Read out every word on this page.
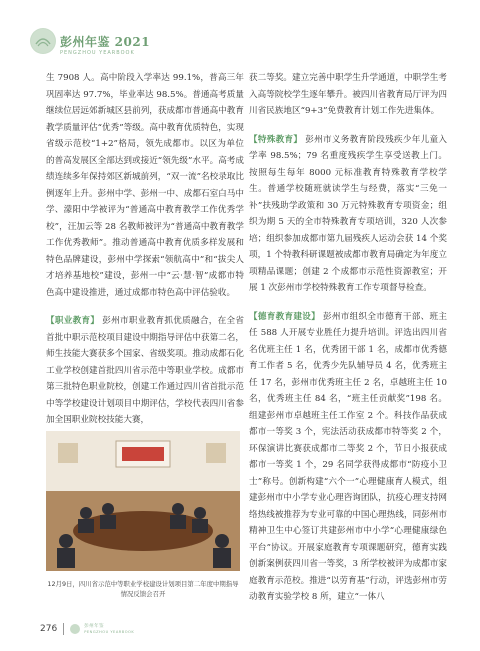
彭州年鉴 2021
PENGZHOU YEARBOOK

生 7908 人。高中阶段入学率达 99.1%，普高三年巩固率达 97.7%，毕业率达 98.5%。普通高考质量继续位居远郊新城区县前列，获成都市普通高中教育教学质量评估“优秀”等级。高中教育优质特色，实现省级示范校“1+2”格局，领先成都市。以区为单位的普高发展区全部达到或接近“领先级”水平。高考成绩连续多年保持郊区新城前列，“双一流”名校录取比例逐年上升。彭州中学、彭州一中、成都石室白马中学、濛阳中学被评为“普通高中教育教学工作优秀学校”，汪加云等 28 名教师被评为“普通高中教育教学工作优秀教师”。推动普通高中教育优质多样发展和特色品牌建设，彭州中学探索“领航高中”和“拔尖人才培养基地校”建设，彭州一中“云·慧·智”成都市特色高中建设推进，通过成都市特色高中评估验收。

【职业教育】 彭州市职业教育抓优质融合，在全省首批中职示范校项目建设中期指导评估中获第二名，师生技能大赛获多个国家、省级奖项。推动成都石化工业学校创建首批四川省示范中等职业学校。成都市第三批特色职业院校，创建工作通过四川省首批示范中等学校建设计划项目中期评估，学校代表四川省参加全国职业院校技能大赛，

12月9日，四川省示范中等职业学校建设计划项目第二年度中期指导情况反馈会召开

获二等奖。建立完善中职学生升学通道，中职学生考入高等院校学生逐年攀升。被四川省教育局厅评为四川省民族地区“9+3”免费教育计划工作先进集体。

【特殊教育】 彭州市义务教育阶段残疾少年儿童入学率 98.5%；79 名重度残疾学生享受送教上门。按照每生每年 8000 元标准教育特殊教育学校学生。普通学校随班就读学生与经费，落实“三免一补”扶残助学政策和 30 万元特殊教育专项资金；组织为期 5 天的全市特殊教育专项培训，320 人次参培；组织参加成都市第九届残疾人运动会获 14 个奖项，1 个特教科研课题被成都市教育局确定为年度立项精品课题；创建 2 个成都市示范性资源教室；开展 1 次彭州市学校特殊教育工作专项督导检查。

【德育教育建设】 彭州市组织全市德育干部、班主任 588 人开展专业胜任力提升培训。评选出四川省名优班主任 1 名，优秀团干部 1 名，成都市优秀德育工作者 5 名，优秀少先队辅导员 4 名，优秀班主任 17 名，彭州市优秀班主任 2 名，卓越班主任 10 名，优秀班主任 84 名，“班主任贡献奖”198 名。组建彭州市卓越班主任工作室 2 个。科技作品获成都市一等奖 3 个，宪法活动获成都市特等奖 2 个，环保演讲比赛获成都市二等奖 2 个，节日小报获成都市一等奖 1 个，29 名同学获得成都市“防疫小卫士”称号。创新构建“六个一”心理健康育人模式，组建彭州市中小学专业心理咨询团队，抗疫心理支持网络热线被推荐为专业可靠的中国心理热线，同彭州市精神卫生中心签订共建彭州市中小学“心理健康绿色平台”协议。开展家庭教育专项课题研究，德育实践创新案例获四川省一等奖，3 所学校被评为成都市家庭教育示范校。推进“以劳育基”行动，评选彭州市劳动教育实验学校 8 所，建立“一体八

276	彭州年鉴
PENGZHOU YEARBOOK
